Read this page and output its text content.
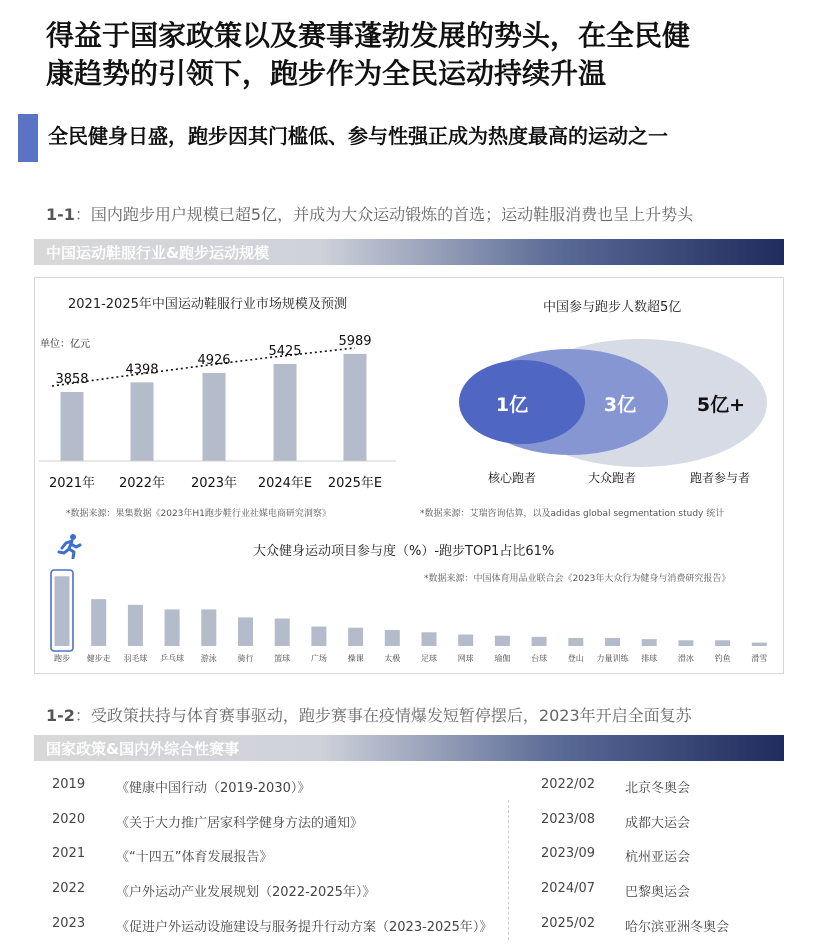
得益于国家政策以及赛事蓬勃发展的势头，在全民健
康趋势的引领下，跑步作为全民运动持续升温
全民健身日盛，跑步因其门槛低、参与性强正成为热度最高的运动之一
1-1：国内跑步用户规模已超5亿，并成为大众运动锻炼的首选；运动鞋服消费也呈上升势头
中国运动鞋服行业&跑步运动规模
2021-2025年中国运动鞋服行业市场规模及预测
单位：亿元
3858
4398
4926
5425
5989
2021年 2022年 2023年 2024年E 2025年E
*数据来源：果集数据《2023年H1跑步鞋行业社媒电商研究洞察》
中国参与跑步人数超5亿
1亿	3亿	5亿+
核心跑者	大众跑者	跑者参与者
*数据来源：艾瑞咨询估算，以及adidas global segmentation study 统计
大众健身运动项目参与度（%）-跑步TOP1占比61%
*数据来源：中国体育用品业联合会《2023年大众行为健身与消费研究报告》
跑步 健步走 羽毛球 乒乓球 游泳	骑行	篮球	广场	操课	太极	足球	网球	瑜伽	台球	登山 力量训练 排球	滑冰	钓鱼	滑雪
1-2：受政策扶持与体育赛事驱动，跑步赛事在疫情爆发短暂停摆后，2023年开启全面复苏
国家政策&国内外综合性赛事
2019 《健康中国行动（2019-2030）》
2020 《关于大力推广居家科学健身方法的通知》
2021 《“十四五”体育发展报告》
2022 《户外运动产业发展规划（2022-2025年）》
2023 《促进户外运动设施建设与服务提升行动方案（2023-2025年）》
2022/02 北京冬奥会
2023/08 成都大运会
2023/09 杭州亚运会
2024/07 巴黎奥运会
2025/02 哈尔滨亚洲冬奥会
